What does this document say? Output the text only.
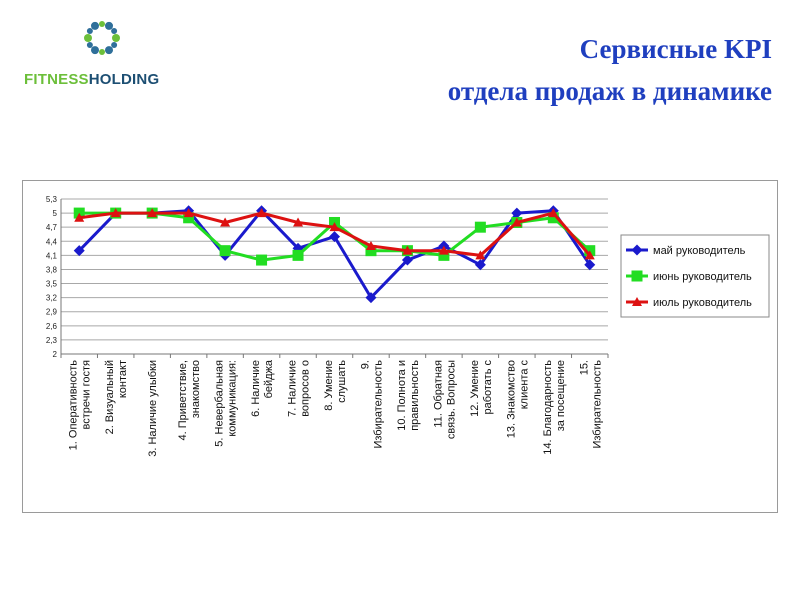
FITNESSHOLDING
Сервисные KPI
отдела продаж в динамике
2
2,3
2,6
2,9
3,2
3,5
3,8
4,1
4,4
4,7
5
5,3
1. Оперативность встречи гостя 2. Визуальный контакт 3. Наличие улыбки 4. Приветствие, знакомство 5. Невербальная коммуникация: 6. Наличие бейджа 7. Наличие вопросов о 8. Умение слушать 9. Избирательность 10. Полнота и правильность 11. Обратная связь. Вопросы 12. Умение работать с 13. Знакомство клиента с 14. Благодарность за посещение 15. Избирательность
май руководитель
июнь руководитель
июль руководитель
